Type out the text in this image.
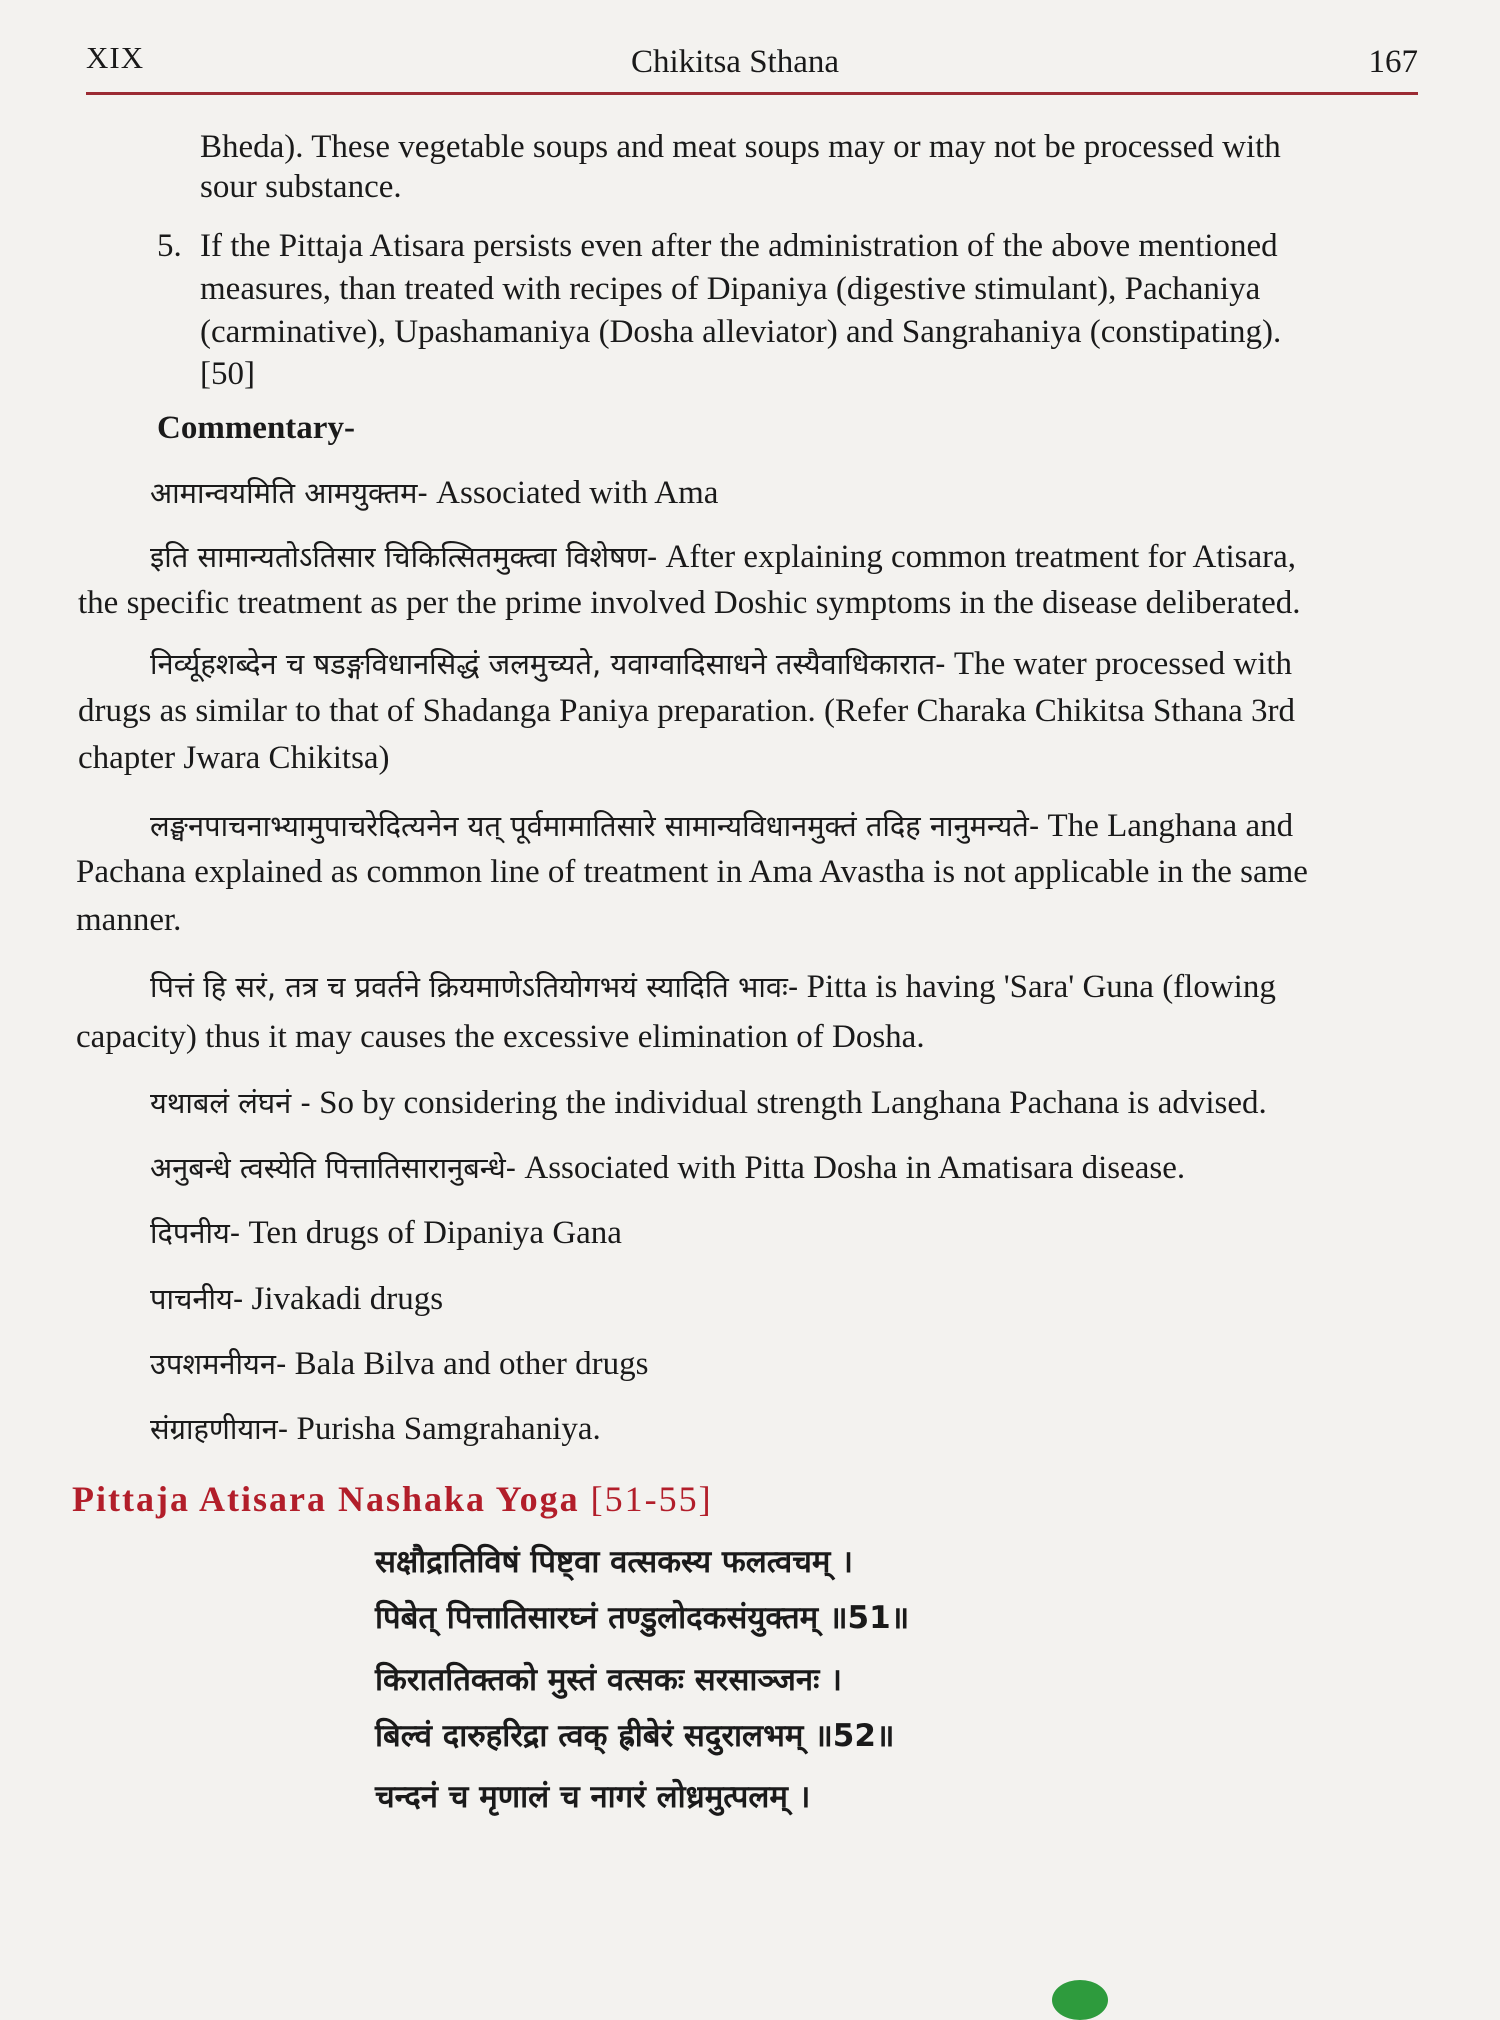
XIX	Chikitsa Sthana	167
Bheda). These vegetable soups and meat soups may or may not be processed with
sour substance.
5. If the Pittaja Atisara persists even after the administration of the above mentioned
measures, than treated with recipes of Dipaniya (digestive stimulant), Pachaniya
(carminative), Upashamaniya (Dosha alleviator) and Sangrahaniya (constipating).
[50]
Commentary-
आमान्वयमिति आमयुक्तम- Associated with Ama
इति सामान्यतोऽतिसार चिकित्सितमुक्त्वा विशेषण- After explaining common treatment for Atisara,
the specific treatment as per the prime involved Doshic symptoms in the disease deliberated.
निर्व्यूहशब्देन च षडङ्गविधानसिद्धं जलमुच्यते, यवाग्वादिसाधने तस्यैवाधिकारात- The water processed with
drugs as similar to that of Shadanga Paniya preparation. (Refer Charaka Chikitsa Sthana 3rd
chapter Jwara Chikitsa)
लङ्घनपाचनाभ्यामुपाचरेदित्यनेन यत् पूर्वमामातिसारे सामान्यविधानमुक्तं तदिह नानुमन्यते- The Langhana and
Pachana explained as common line of treatment in Ama Avastha is not applicable in the same
manner.
पित्तं हि सरं, तत्र च प्रवर्तने क्रियमाणेऽतियोगभयं स्यादिति भावः- Pitta is having 'Sara' Guna (flowing
capacity) thus it may causes the excessive elimination of Dosha.
यथाबलं लंघनं - So by considering the individual strength Langhana Pachana is advised.
अनुबन्धे त्वस्येति पित्तातिसारानुबन्धे- Associated with Pitta Dosha in Amatisara disease.
दिपनीय- Ten drugs of Dipaniya Gana
पाचनीय- Jivakadi drugs
उपशमनीयन- Bala Bilva and other drugs
संग्राहणीयान- Purisha Samgrahaniya.
Pittaja Atisara Nashaka Yoga [51-55]
सक्षौद्रातिविषं पिष्ट्वा वत्सकस्य फलत्वचम् ।
पिबेत् पित्तातिसारघ्नं तण्डुलोदकसंयुक्तम् ॥51॥
किराततिक्तको मुस्तं वत्सकः सरसाञ्जनः ।
बिल्वं दारुहरिद्रा त्वक् ह्रीबेरं सदुरालभम् ॥52॥
चन्दनं च मृणालं च नागरं लोध्रमुत्पलम् ।
